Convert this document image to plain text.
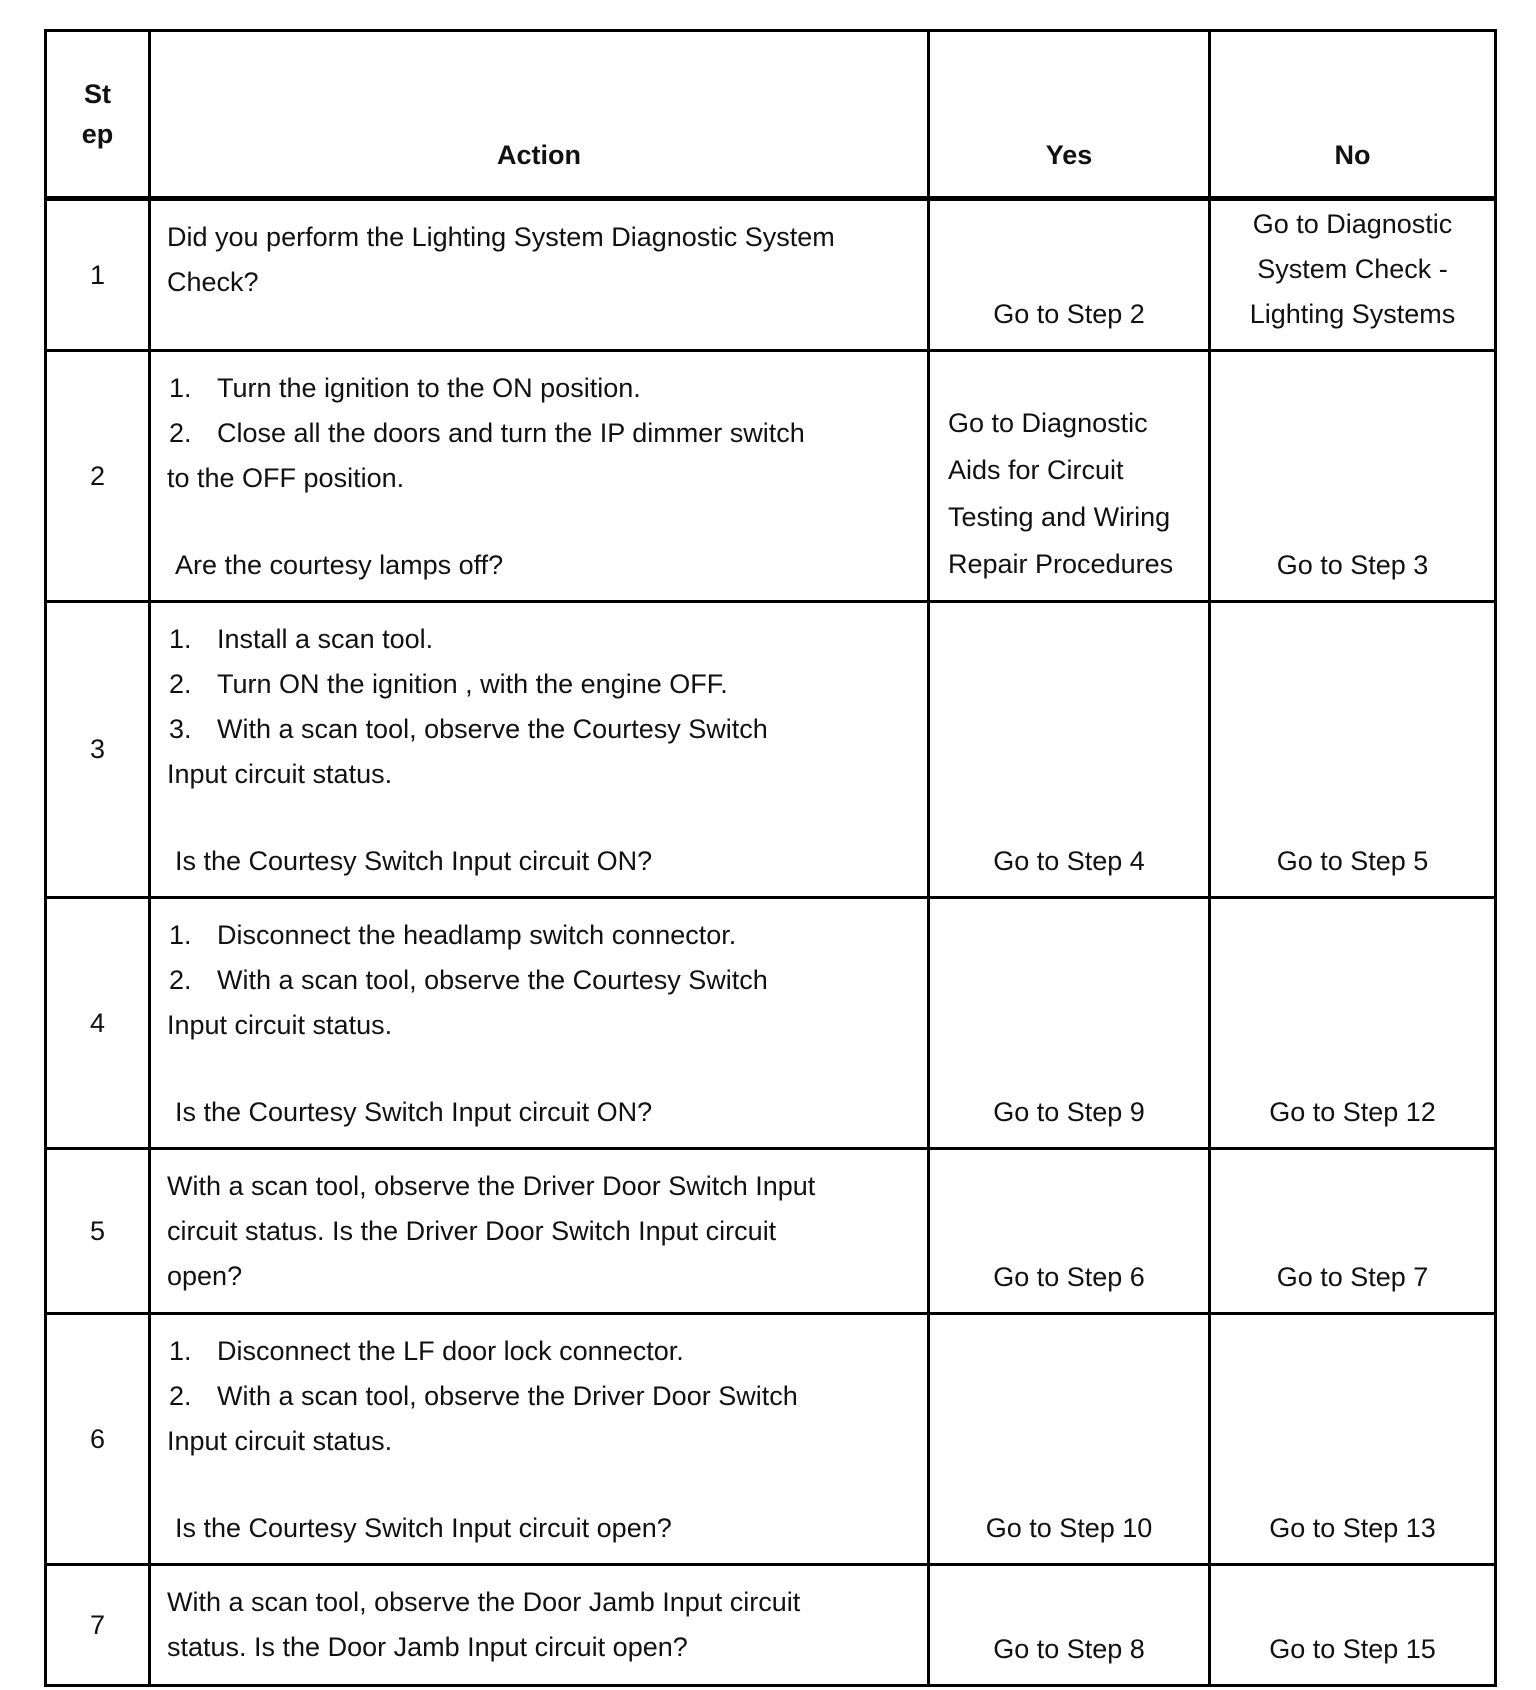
St
ep	Action	Yes	No
1	Did you perform the Lighting System Diagnostic System
Check?	Go to Step 2	Go to Diagnostic
System Check -
Lighting Systems

2	1. Turn the ignition to the ON position.
2. Close all the doors and turn the IP dimmer switch
to the OFF position.
Are the courtesy lamps off?	Go to Diagnostic
Aids for Circuit
Testing and Wiring
Repair Procedures	Go to Step 3

3	1. Install a scan tool.
2. Turn ON the ignition , with the engine OFF.
3. With a scan tool, observe the Courtesy Switch
Input circuit status.
Is the Courtesy Switch Input circuit ON?	Go to Step 4	Go to Step 5

4	1. Disconnect the headlamp switch connector.
2. With a scan tool, observe the Courtesy Switch
Input circuit status.
Is the Courtesy Switch Input circuit ON?	Go to Step 9	Go to Step 12

5	With a scan tool, observe the Driver Door Switch Input
circuit status. Is the Driver Door Switch Input circuit
open?	Go to Step 6	Go to Step 7

6	1. Disconnect the LF door lock connector.
2. With a scan tool, observe the Driver Door Switch
Input circuit status.
Is the Courtesy Switch Input circuit open?	Go to Step 10	Go to Step 13

7	With a scan tool, observe the Door Jamb Input circuit
status. Is the Door Jamb Input circuit open?	Go to Step 8	Go to Step 15
